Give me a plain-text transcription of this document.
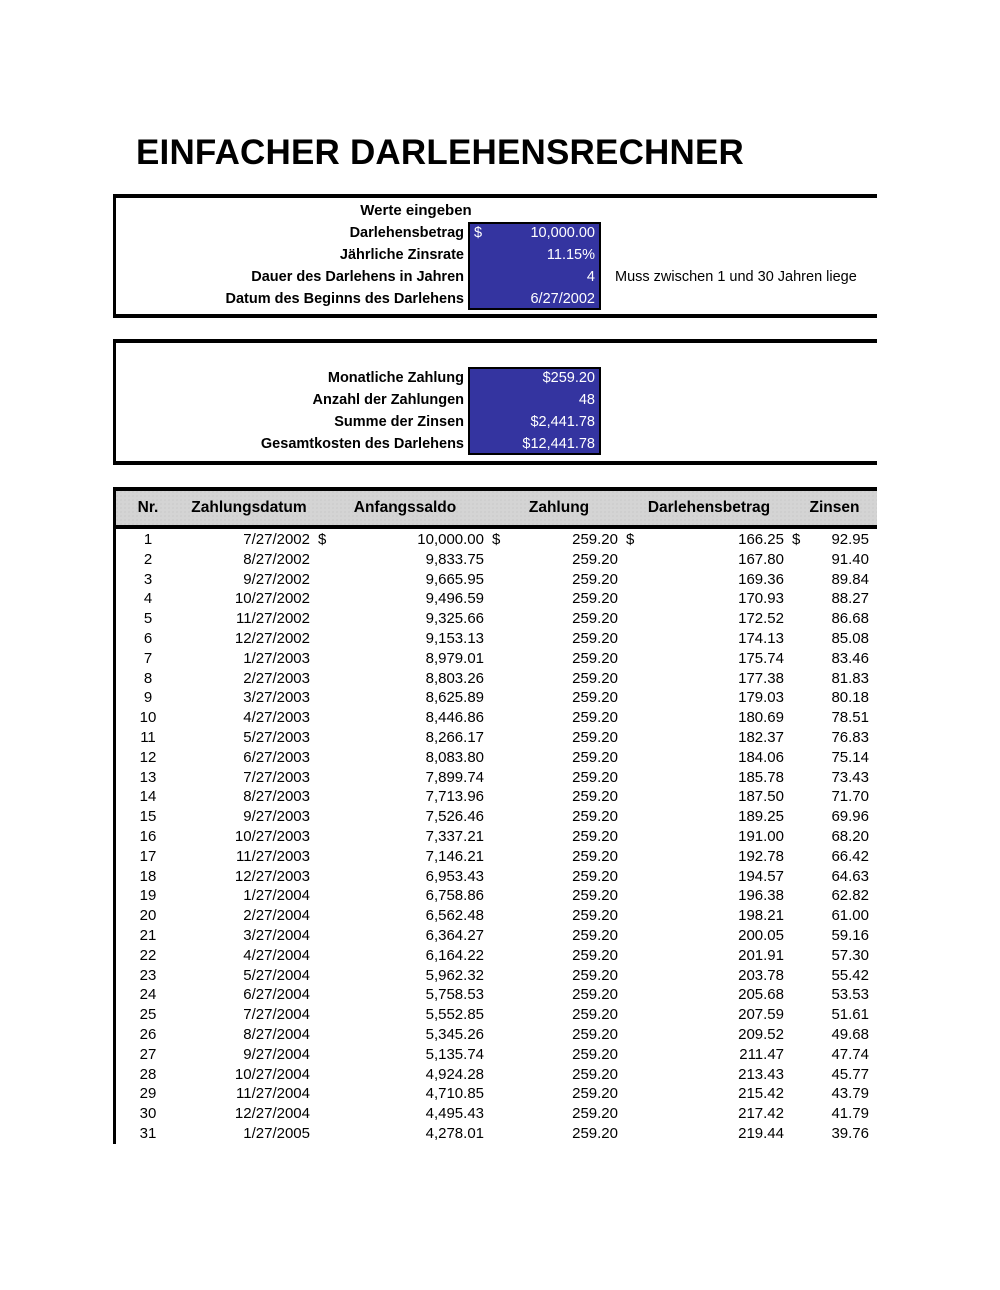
EINFACHER DARLEHENSRECHNER
Werte eingeben
Darlehensbetrag $	10,000.00
Jährliche Zinsrate	11.15%
Dauer des Darlehens in Jahren	4
Datum des Beginns des Darlehens	6/27/2002
Muss zwischen 1 und 30 Jahren liege
Monatliche Zahlung	$259.20
Anzahl der Zahlungen	48
Summe der Zinsen	$2,441.78
Gesamtkosten des Darlehens	$12,441.78
Nr.	Zahlungsdatum	Anfangssaldo	Zahlung	Darlehensbetrag	Zinsen
1	7/27/2002 $	10,000.00 $	259.20 $	166.25 $	92.95
2	8/27/2002	9,833.75	259.20	167.80	91.40
3	9/27/2002	9,665.95	259.20	169.36	89.84
4	10/27/2002	9,496.59	259.20	170.93	88.27
5	11/27/2002	9,325.66	259.20	172.52	86.68
6	12/27/2002	9,153.13	259.20	174.13	85.08
7	1/27/2003	8,979.01	259.20	175.74	83.46
8	2/27/2003	8,803.26	259.20	177.38	81.83
9	3/27/2003	8,625.89	259.20	179.03	80.18
10	4/27/2003	8,446.86	259.20	180.69	78.51
11	5/27/2003	8,266.17	259.20	182.37	76.83
12	6/27/2003	8,083.80	259.20	184.06	75.14
13	7/27/2003	7,899.74	259.20	185.78	73.43
14	8/27/2003	7,713.96	259.20	187.50	71.70
15	9/27/2003	7,526.46	259.20	189.25	69.96
16	10/27/2003	7,337.21	259.20	191.00	68.20
17	11/27/2003	7,146.21	259.20	192.78	66.42
18	12/27/2003	6,953.43	259.20	194.57	64.63
19	1/27/2004	6,758.86	259.20	196.38	62.82
20	2/27/2004	6,562.48	259.20	198.21	61.00
21	3/27/2004	6,364.27	259.20	200.05	59.16
22	4/27/2004	6,164.22	259.20	201.91	57.30
23	5/27/2004	5,962.32	259.20	203.78	55.42
24	6/27/2004	5,758.53	259.20	205.68	53.53
25	7/27/2004	5,552.85	259.20	207.59	51.61
26	8/27/2004	5,345.26	259.20	209.52	49.68
27	9/27/2004	5,135.74	259.20	211.47	47.74
28	10/27/2004	4,924.28	259.20	213.43	45.77
29	11/27/2004	4,710.85	259.20	215.42	43.79
30	12/27/2004	4,495.43	259.20	217.42	41.79
31	1/27/2005	4,278.01	259.20	219.44	39.76
